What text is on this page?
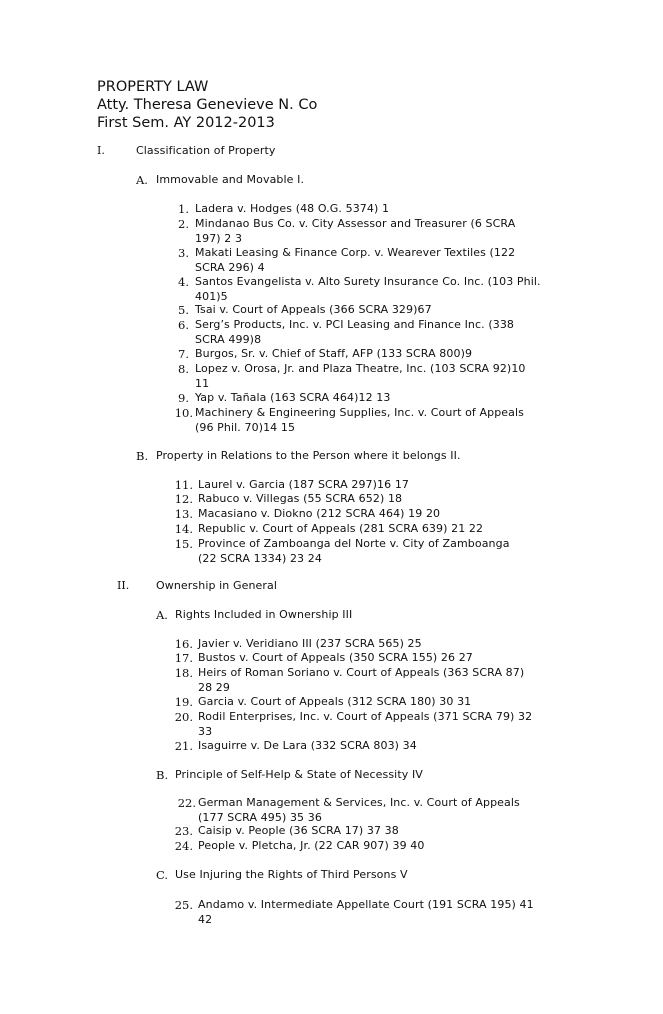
PROPERTY LAW
Atty. Theresa Genevieve N. Co
First Sem. AY 2012-2013
I.	Classification of Property
A. Immovable and Movable I.
1. Ladera v. Hodges (48 O.G. 5374) 1
2. Mindanao Bus Co. v. City Assessor and Treasurer (6 SCRA
197) 2 3
3. Makati Leasing & Finance Corp. v. Wearever Textiles (122
SCRA 296) 4
4. Santos Evangelista v. Alto Surety Insurance Co. Inc. (103 Phil.
401)5
5. Tsai v. Court of Appeals (366 SCRA 329)67
6. Serg’s Products, Inc. v. PCI Leasing and Finance Inc. (338
SCRA 499)8
7. Burgos, Sr. v. Chief of Staff, AFP (133 SCRA 800)9
8. Lopez v. Orosa, Jr. and Plaza Theatre, Inc. (103 SCRA 92)10
11
9. Yap v. Tañala (163 SCRA 464)12 13
10. Machinery & Engineering Supplies, Inc. v. Court of Appeals
(96 Phil. 70)14 15
B. Property in Relations to the Person where it belongs II.
11. Laurel v. Garcia (187 SCRA 297)16 17
12. Rabuco v. Villegas (55 SCRA 652) 18
13. Macasiano v. Diokno (212 SCRA 464) 19 20
14. Republic v. Court of Appeals (281 SCRA 639) 21 22
15. Province of Zamboanga del Norte v. City of Zamboanga
(22 SCRA 1334) 23 24
II. Ownership in General
A. Rights Included in Ownership III
16. Javier v. Veridiano III (237 SCRA 565) 25
17. Bustos v. Court of Appeals (350 SCRA 155) 26 27
18. Heirs of Roman Soriano v. Court of Appeals (363 SCRA 87)
28 29
19. Garcia v. Court of Appeals (312 SCRA 180) 30 31
20. Rodil Enterprises, Inc. v. Court of Appeals (371 SCRA 79) 32
33
21. Isaguirre v. De Lara (332 SCRA 803) 34
B. Principle of Self-Help & State of Necessity IV
22. German Management & Services, Inc. v. Court of Appeals
(177 SCRA 495) 35 36
23. Caisip v. People (36 SCRA 17) 37 38
24. People v. Pletcha, Jr. (22 CAR 907) 39 40
C. Use Injuring the Rights of Third Persons V
25. Andamo v. Intermediate Appellate Court (191 SCRA 195) 41
42
